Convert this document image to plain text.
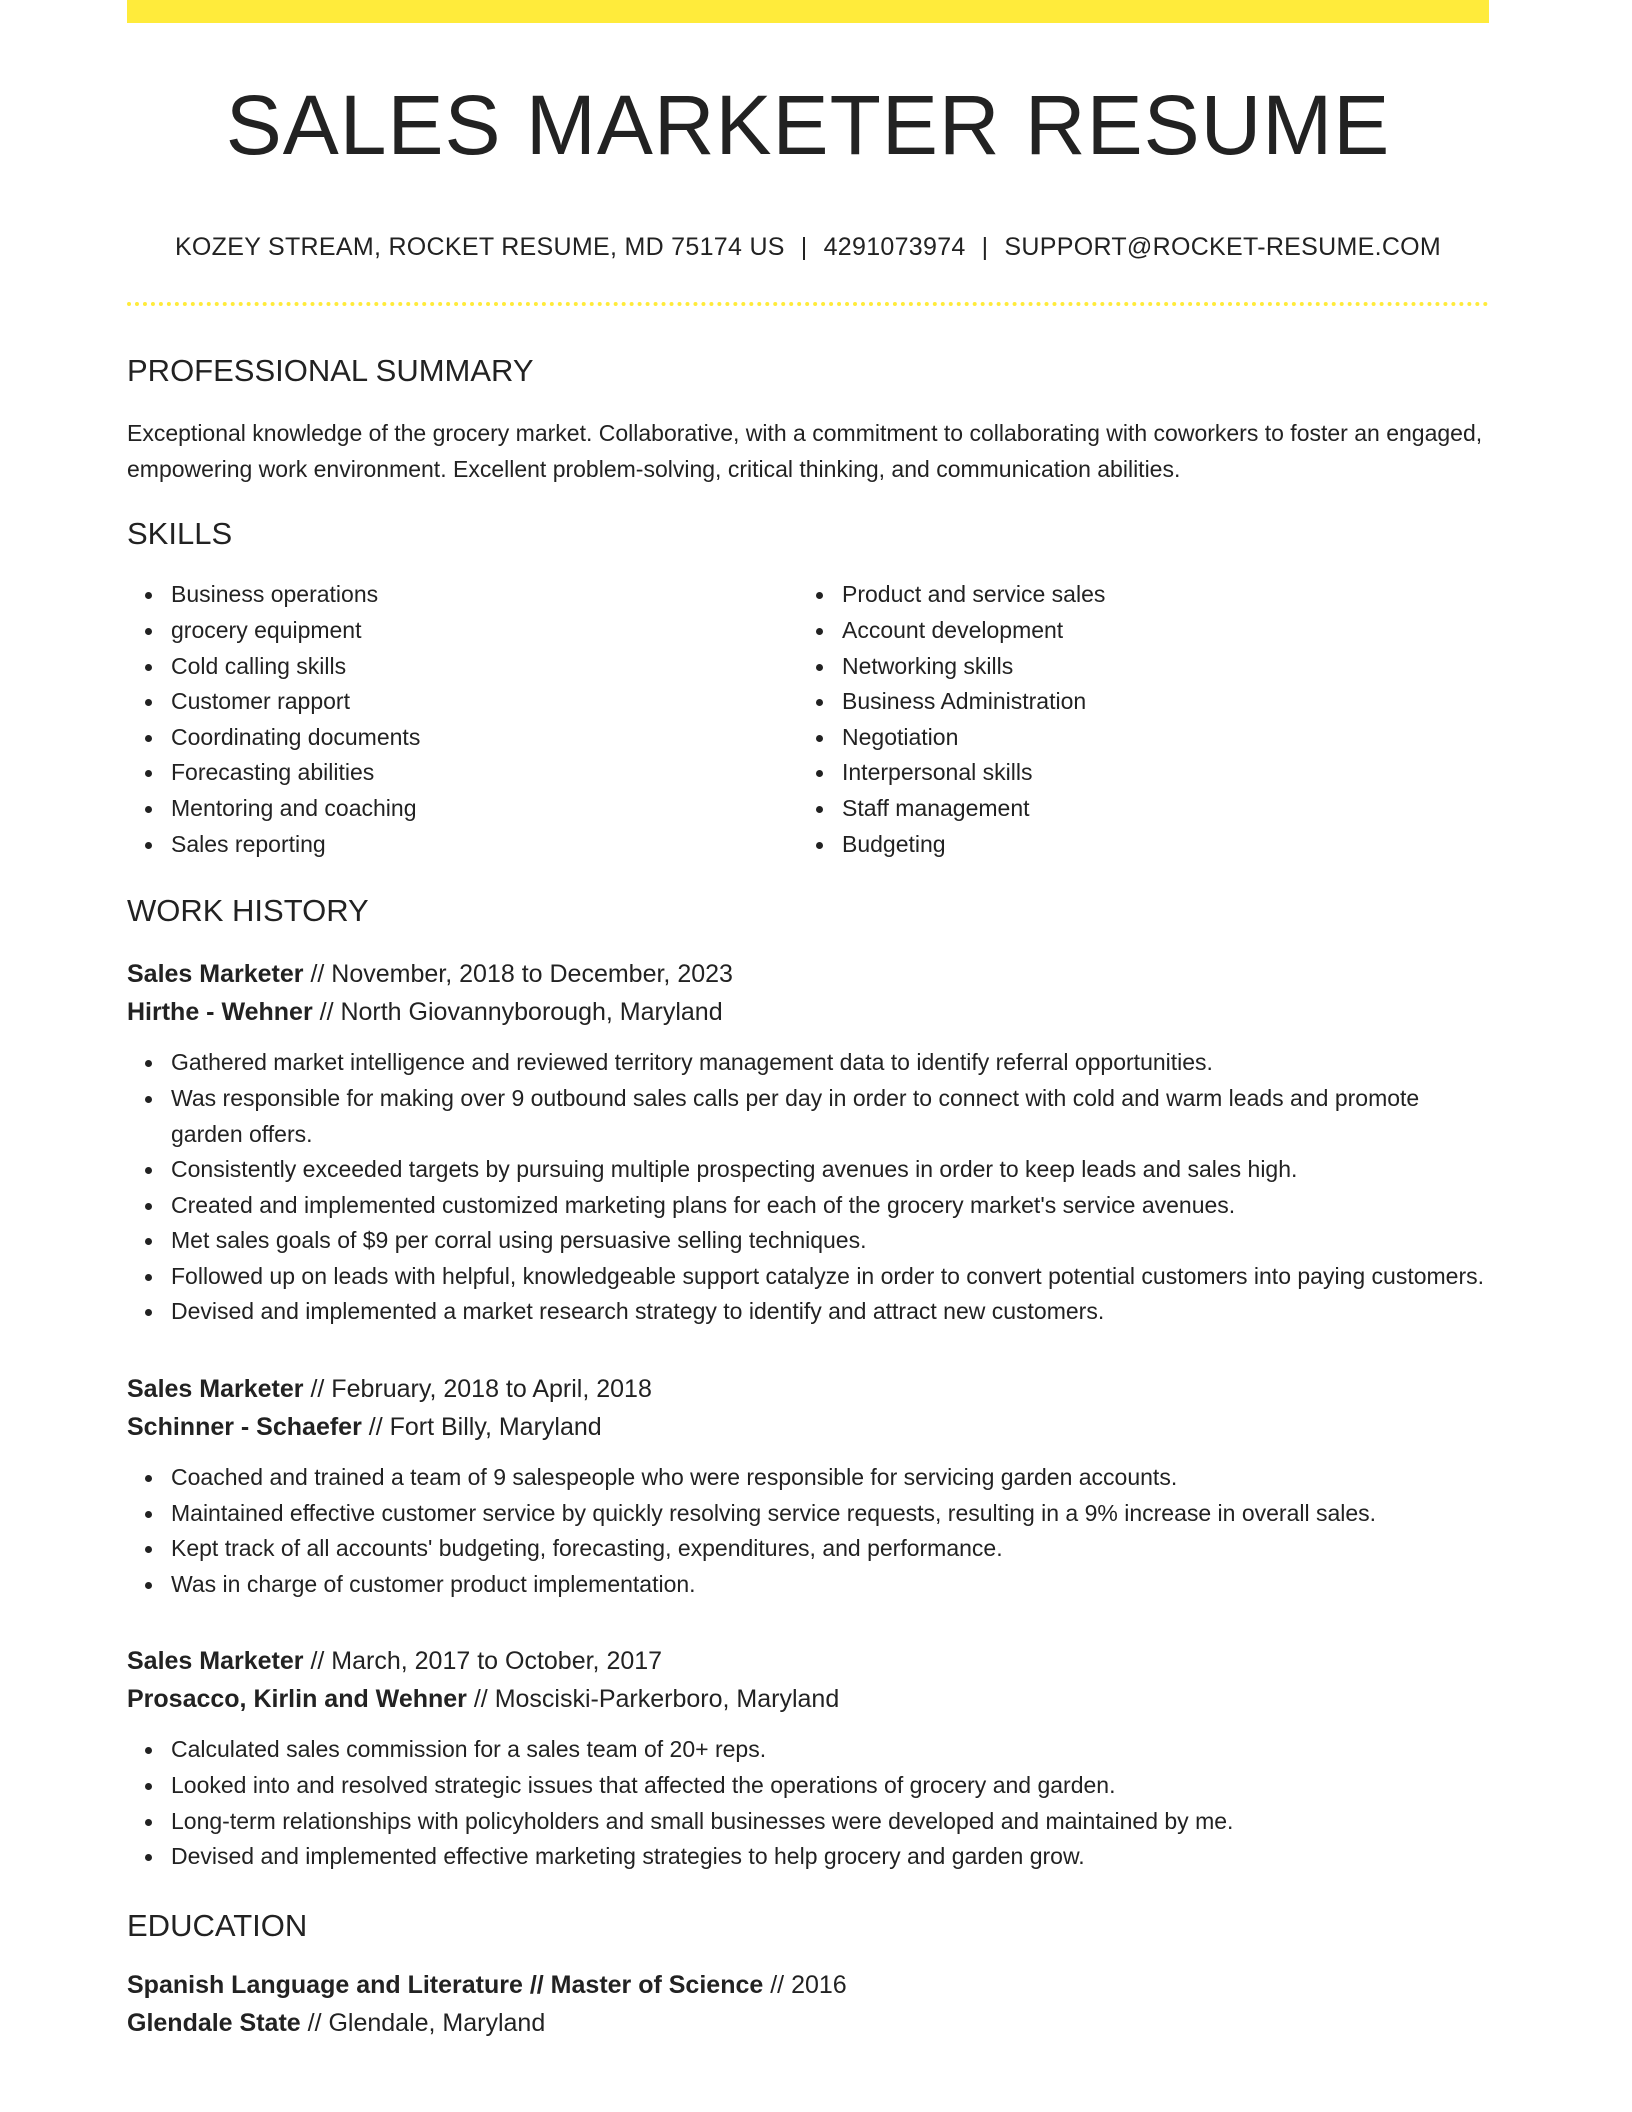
SALES MARKETER RESUME
KOZEY STREAM, ROCKET RESUME, MD 75174 US | 4291073974 | SUPPORT@ROCKET-RESUME.COM
PROFESSIONAL SUMMARY
Exceptional knowledge of the grocery market. Collaborative, with a commitment to collaborating with coworkers to foster an engaged, empowering work environment. Excellent problem-solving, critical thinking, and communication abilities.
SKILLS
Business operations
grocery equipment
Cold calling skills
Customer rapport
Coordinating documents
Forecasting abilities
Mentoring and coaching
Sales reporting
Product and service sales
Account development
Networking skills
Business Administration
Negotiation
Interpersonal skills
Staff management
Budgeting
WORK HISTORY
Sales Marketer // November, 2018 to December, 2023
Hirthe - Wehner // North Giovannyborough, Maryland
Gathered market intelligence and reviewed territory management data to identify referral opportunities.
Was responsible for making over 9 outbound sales calls per day in order to connect with cold and warm leads and promote garden offers.
Consistently exceeded targets by pursuing multiple prospecting avenues in order to keep leads and sales high.
Created and implemented customized marketing plans for each of the grocery market's service avenues.
Met sales goals of $9 per corral using persuasive selling techniques.
Followed up on leads with helpful, knowledgeable support catalyze in order to convert potential customers into paying customers.
Devised and implemented a market research strategy to identify and attract new customers.
Sales Marketer // February, 2018 to April, 2018
Schinner - Schaefer // Fort Billy, Maryland
Coached and trained a team of 9 salespeople who were responsible for servicing garden accounts.
Maintained effective customer service by quickly resolving service requests, resulting in a 9% increase in overall sales.
Kept track of all accounts' budgeting, forecasting, expenditures, and performance.
Was in charge of customer product implementation.
Sales Marketer // March, 2017 to October, 2017
Prosacco, Kirlin and Wehner // Mosciski-Parkerboro, Maryland
Calculated sales commission for a sales team of 20+ reps.
Looked into and resolved strategic issues that affected the operations of grocery and garden.
Long-term relationships with policyholders and small businesses were developed and maintained by me.
Devised and implemented effective marketing strategies to help grocery and garden grow.
EDUCATION
Spanish Language and Literature // Master of Science // 2016
Glendale State // Glendale, Maryland
